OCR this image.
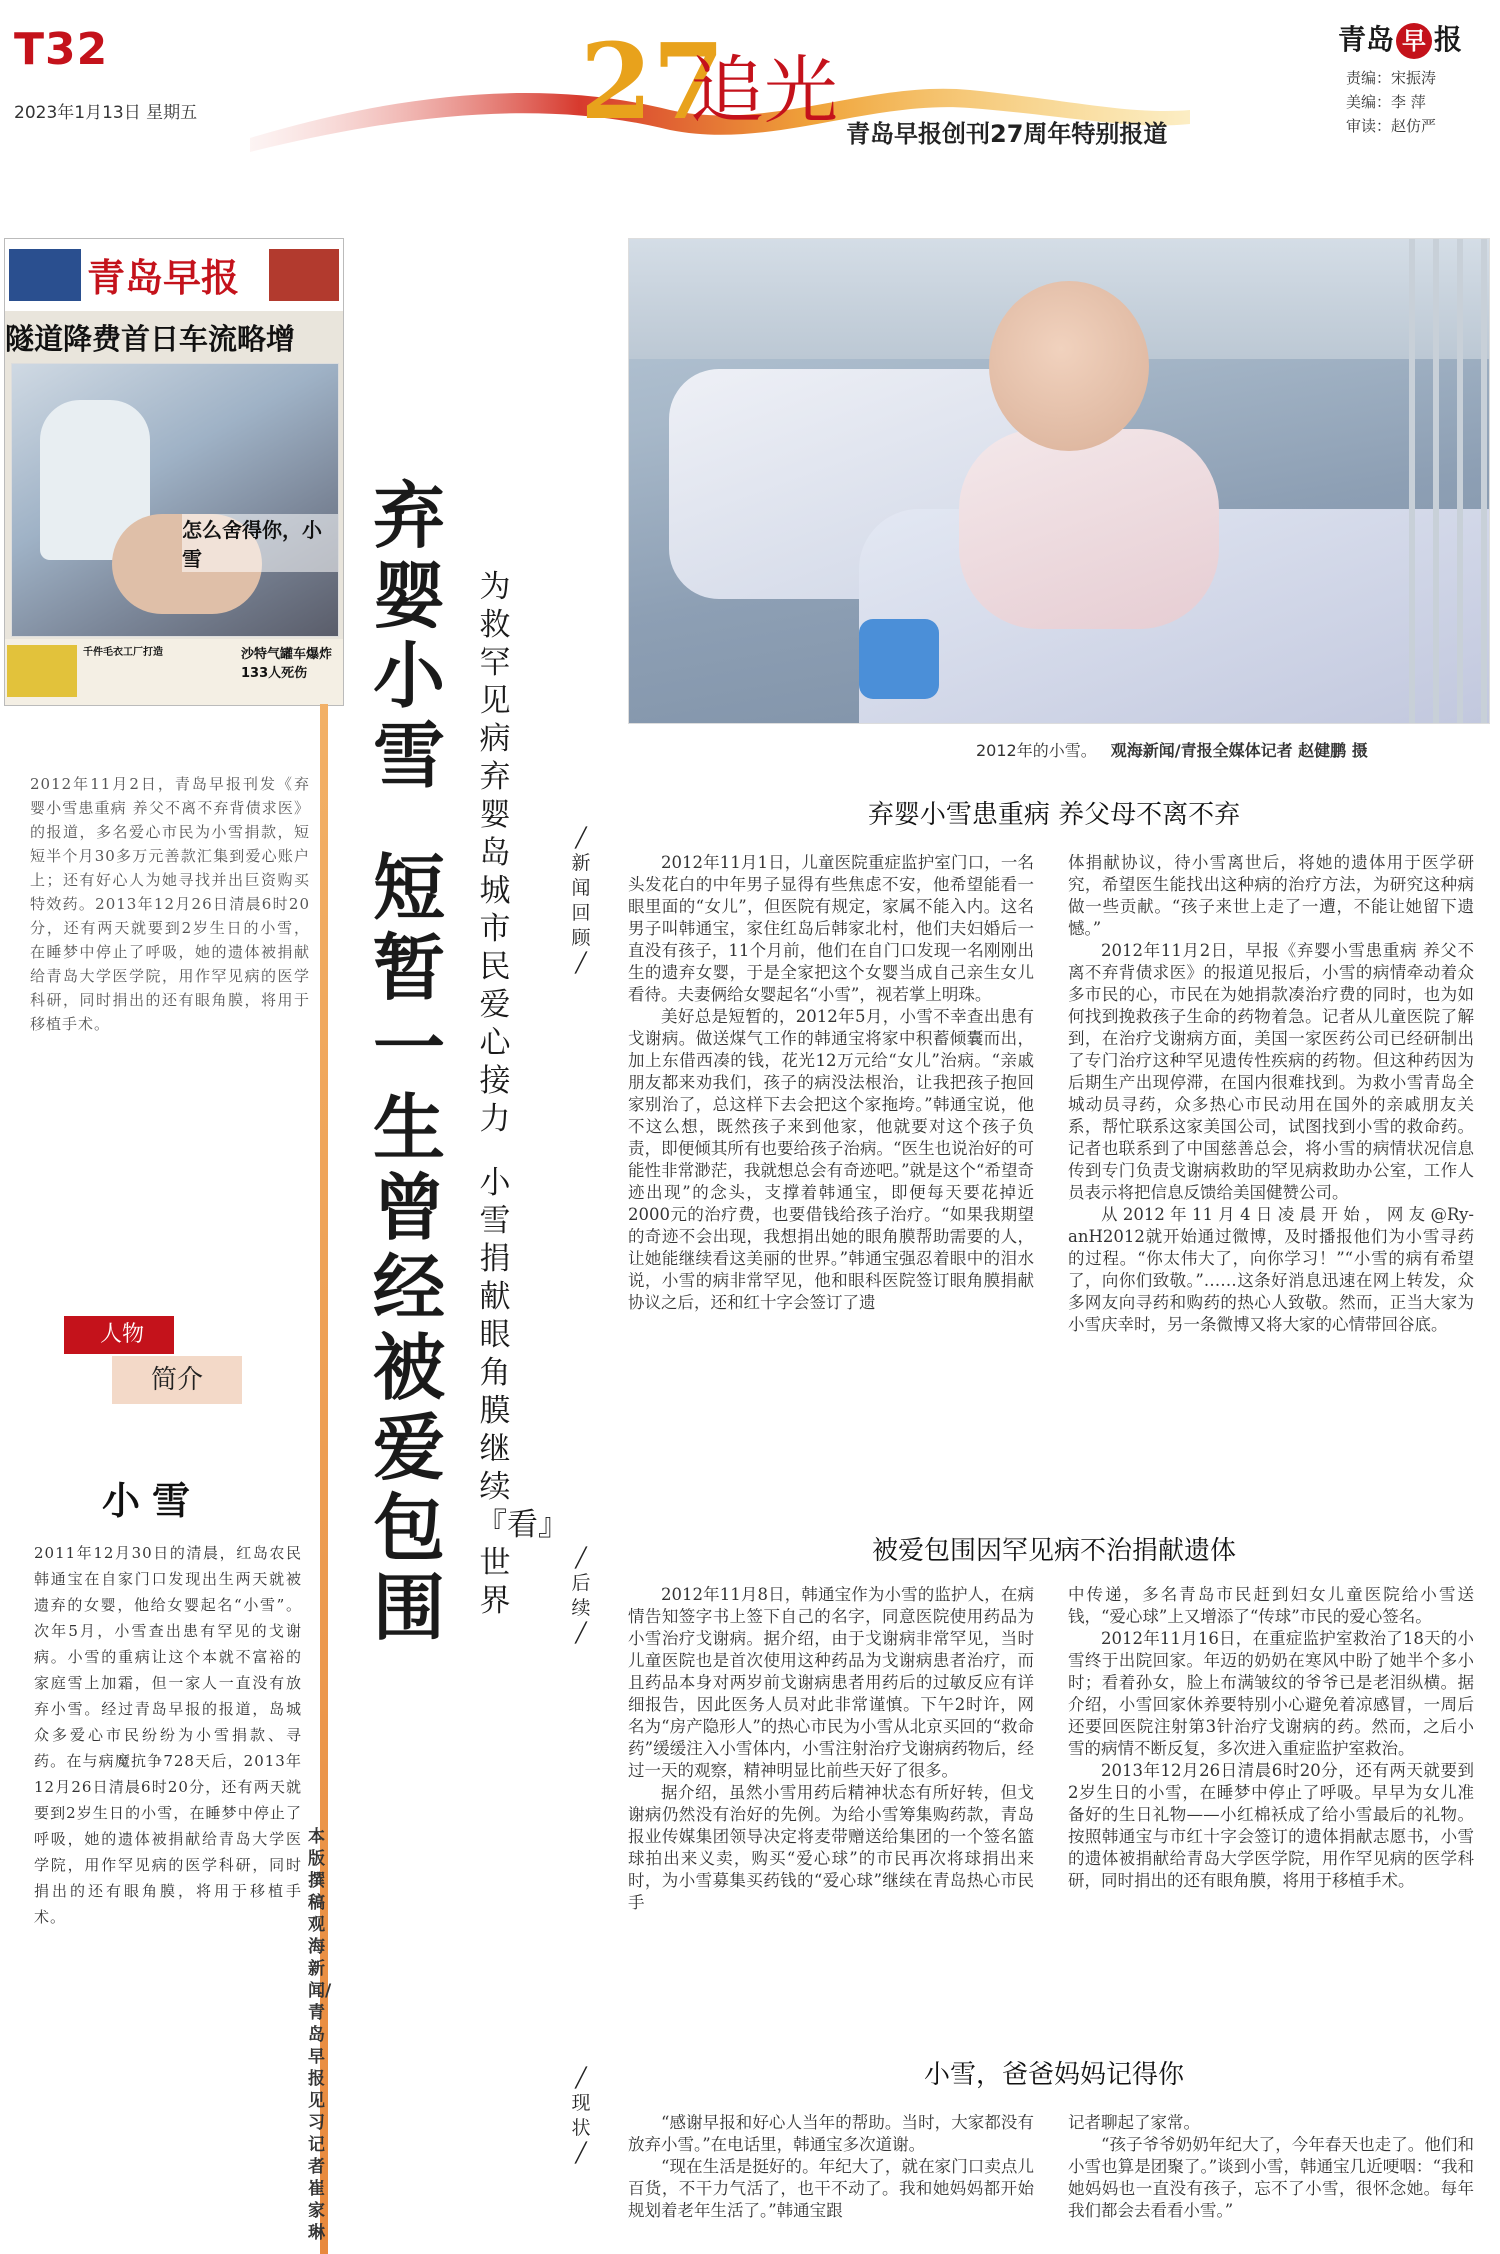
T32
2023年1月13日 星期五	27
追光 青岛早报创刊27周年特别报道
青岛 早 报
责编：宋振涛
美编：李 萍
审读：赵仿严
青岛早报
隧道降费首日车流略增
怎么舍得你，小雪
千件毛衣工厂打造	沙特气罐车爆炸133人死伤
2012年11月2日，青岛早报刊发《弃婴小雪患重病 养父不离不弃背债求医》的报道，多名爱心市民为小雪捐款，短短半个月30多万元善款汇集到爱心账户上；还有好心人为她寻找并出巨资购买特效药。2013年12月26日清晨6时20分，还有两天就要到2岁生日的小雪，在睡梦中停止了呼吸，她的遗体被捐献给青岛大学医学院，用作罕见病的医学科研，同时捐出的还有眼角膜，将用于移植手术。
人物
简介
小雪
2011年12月30日的清晨，红岛农民韩通宝在自家门口发现出生两天就被遗弃的女婴，他给女婴起名“小雪”。次年5月，小雪查出患有罕见的戈谢病。小雪的重病让这个本就不富裕的家庭雪上加霜，但一家人一直没有放弃小雪。经过青岛早报的报道，岛城众多爱心市民纷纷为小雪捐款、寻药。在与病魔抗争728天后，2013年12月26日清晨6时20分，还有两天就要到2岁生日的小雪，在睡梦中停止了呼吸，她的遗体被捐献给青岛大学医学院，用作罕见病的医学科研，同时捐出的还有眼角膜，将用于移植手术。
本版撰稿 观海新闻/青岛早报见习记者 崔家琳
弃婴小雪
短暂一生曾经被爱包围
为救罕见病弃婴岛城市民爱心接力
小雪捐献眼角膜继续『看』世界
╱
新闻回顾
╱
╱
后续
╱
╱
现状
╱
2012年的小雪。 观海新闻/青报全媒体记者 赵健鹏 摄
弃婴小雪患重病 养父母不离不弃

2012年11月1日，儿童医院重症监护室门口，一名头发花白的中年男子显得有些焦虑不安，他希望能看一眼里面的“女儿”，但医院有规定，家属不能入内。这名男子叫韩通宝，家住红岛后韩家北村，他们夫妇婚后一直没有孩子，11个月前，他们在自门口发现一名刚刚出生的遗弃女婴，于是全家把这个女婴当成自己亲生女儿看待。夫妻俩给女婴起名“小雪”，视若掌上明珠。

美好总是短暂的，2012年5月，小雪不幸查出患有戈谢病。做送煤气工作的韩通宝将家中积蓄倾囊而出，加上东借西凑的钱，花光12万元给“女儿”治病。“亲戚朋友都来劝我们，孩子的病没法根治，让我把孩子抱回家别治了，总这样下去会把这个家拖垮。”韩通宝说，他不这么想，既然孩子来到他家，他就要对这个孩子负责，即便倾其所有也要给孩子治病。“医生也说治好的可能性非常渺茫，我就想总会有奇迹吧。”就是这个“希望奇迹出现”的念头，支撑着韩通宝，即便每天要花掉近2000元的治疗费，也要借钱给孩子治疗。“如果我期望的奇迹不会出现，我想捐出她的眼角膜帮助需要的人，让她能继续看这美丽的世界。”韩通宝强忍着眼中的泪水说，小雪的病非常罕见，他和眼科医院签订眼角膜捐献协议之后，还和红十字会签订了遗

体捐献协议，待小雪离世后，将她的遗体用于医学研究，希望医生能找出这种病的治疗方法，为研究这种病做一些贡献。“孩子来世上走了一遭，不能让她留下遗憾。”

2012年11月2日，早报《弃婴小雪患重病 养父不离不弃背债求医》的报道见报后，小雪的病情牵动着众多市民的心，市民在为她捐款凑治疗费的同时，也为如何找到挽救孩子生命的药物着急。记者从儿童医院了解到，在治疗戈谢病方面，美国一家医药公司已经研制出了专门治疗这种罕见遗传性疾病的药物。但这种药因为后期生产出现停滞，在国内很难找到。为救小雪青岛全城动员寻药，众多热心市民动用在国外的亲戚朋友关系，帮忙联系这家美国公司，试图找到小雪的救命药。记者也联系到了中国慈善总会，将小雪的病情状况信息传到专门负责戈谢病救助的罕见病救助办公室，工作人员表示将把信息反馈给美国健赞公司。

从2012年11月4日凌晨开始，网友@Ry-anH2012就开始通过微博，及时播报他们为小雪寻药的过程。“你太伟大了，向你学习！”“小雪的病有希望了，向你们致敬。”……这条好消息迅速在网上转发，众多网友向寻药和购药的热心人致敬。然而，正当大家为小雪庆幸时，另一条微博又将大家的心情带回谷底。

被爱包围因罕见病不治捐献遗体

2012年11月8日，韩通宝作为小雪的监护人，在病情告知签字书上签下自己的名字，同意医院使用药品为小雪治疗戈谢病。据介绍，由于戈谢病非常罕见，当时儿童医院也是首次使用这种药品为戈谢病患者治疗，而且药品本身对两岁前戈谢病患者用药后的过敏反应有详细报告，因此医务人员对此非常谨慎。下午2时许，网名为“房产隐形人”的热心市民为小雪从北京买回的“救命药”缓缓注入小雪体内，小雪注射治疗戈谢病药物后，经过一天的观察，精神明显比前些天好了很多。

据介绍，虽然小雪用药后精神状态有所好转，但戈谢病仍然没有治好的先例。为给小雪筹集购药款，青岛报业传媒集团领导决定将麦带赠送给集团的一个签名篮球拍出来义卖，购买“爱心球”的市民再次将球捐出来时，为小雪募集买药钱的“爱心球”继续在青岛热心市民手

中传递，多名青岛市民赶到妇女儿童医院给小雪送钱，“爱心球”上又增添了“传球”市民的爱心签名。

2012年11月16日，在重症监护室救治了18天的小雪终于出院回家。年迈的奶奶在寒风中盼了她半个多小时；看着孙女，脸上布满皱纹的爷爷已是老泪纵横。据介绍，小雪回家休养要特别小心避免着凉感冒，一周后还要回医院注射第3针治疗戈谢病的药。然而，之后小雪的病情不断反复，多次进入重症监护室救治。

2013年12月26日清晨6时20分，还有两天就要到2岁生日的小雪，在睡梦中停止了呼吸。早早为女儿准备好的生日礼物——小红棉袄成了给小雪最后的礼物。按照韩通宝与市红十字会签订的遗体捐献志愿书，小雪的遗体被捐献给青岛大学医学院，用作罕见病的医学科研，同时捐出的还有眼角膜，将用于移植手术。

小雪，爸爸妈妈记得你

“感谢早报和好心人当年的帮助。当时，大家都没有放弃小雪。”在电话里，韩通宝多次道谢。

“现在生活是挺好的。年纪大了，就在家门口卖点儿百货，不干力气活了，也干不动了。我和她妈妈都开始规划着老年生活了。”韩通宝跟

记者聊起了家常。

“孩子爷爷奶奶年纪大了，今年春天也走了。他们和小雪也算是团聚了。”谈到小雪，韩通宝几近哽咽：“我和她妈妈也一直没有孩子，忘不了小雪，很怀念她。每年我们都会去看看小雪。”
